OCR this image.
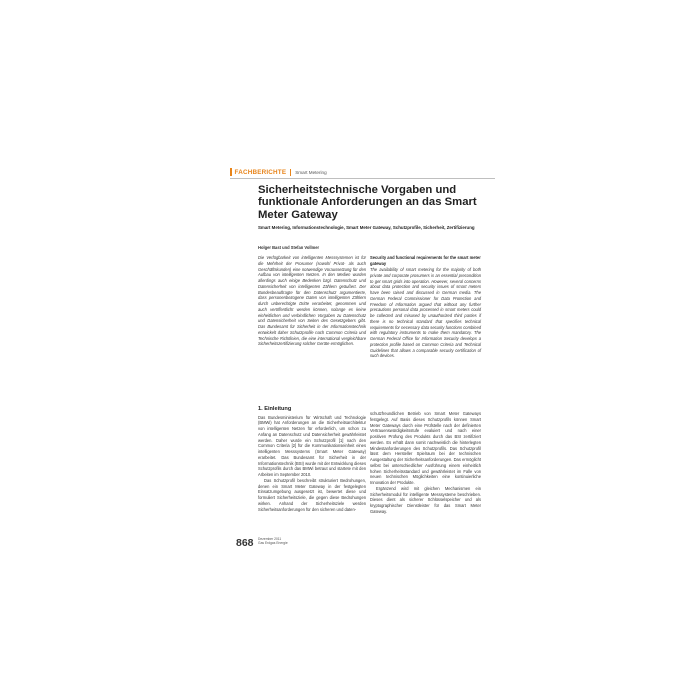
FACHBERICHTE Smart Metering
Sicherheitstechnische Vorgaben und funktionale Anforderungen an das Smart Meter Gateway

Smart Metering, Informationstechnologie, Smart Meter Gateway, Schutzprofile, Sicherheit, Zertifizierung

Holger Bast und Stefan Vollmer

Die Verfügbarkeit von intelligenten Messsystemen ist für die Mehrheit der Prosumer (sowohl Privat- als auch Geschäftskunden) eine notwendige Voraussetzung für den Aufbau von intelligenten Netzen. In den Medien wurden allerdings auch einige Bedenken bzgl. Datenschutz und Datensicherheit von intelligenten Zählern geäußert. Der Bundesbeauftragte für den Datenschutz argumentierte, dass personenbezogene Daten von intelligenten Zählern durch unberechtigte Dritte verarbeitet, genommen und auch veröffentlicht werden können, solange es keine einheitlichen und verbindlichen Vorgaben zu Datenschutz und Datensicherheit von Seiten des Gesetzgebers gibt. Das Bundesamt für Sicherheit in der Informationstechnik entwickelt daher Schutzprofile nach Common Criteria und Technische Richtlinien, die eine international vergleichbare Sicherheitszertifizierung solcher Geräte ermöglichen.

Security and functional requirements for the smart meter gateway

The availability of smart metering for the majority of both private and corporate prosumers is an essential precondition to get smart grids into operation. However, several concerns about data protection and security issues of smart meters have been raised and discussed in German media. The German Federal Commissioner for Data Protection and Freedom of Information argued that without any further precautions personal data processed in smart meters could be collected and misused by unauthorized third parties if there is no technical standard that specifies technical requirements for necessary data security functions combined with regulatory instruments to make them mandatory. The German Federal Office for Information Security develops a protection profile based on Common Criteria and Technical Guidelines that allows a comparable security certification of such devices.

1. Einleitung

Das Bundesministerium für Wirtschaft und Technologie (BMWi) hat Anforderungen an die Sicherheitsarchitektur von intelligenten Netzen für erforderlich, um schon zu Anfang an Datenschutz und Datensicherheit gewährleistet werden. Daher wurde ein Schutzprofil [1] nach den Common Criteria [2] für die Kommunikationseinheit eines intelligenten Messsystems (Smart Meter Gateway) erarbeitet. Das Bundesamt für Sicherheit in der Informationstechnik (BSI) wurde mit der Entwicklung dieses Schutzprofils durch das BMWi betraut und startete mit den Arbeiten im September 2010.

Das Schutzprofil beschreibt strukturiert Bedrohungen, denen ein Smart Meter Gateway in der festgelegten Einsatzumgebung ausgesetzt ist, bewertet diese und formuliert Sicherheitsziele, die gegen diese Bedrohungen wirken. Anhand der Sicherheitsziele werden Sicherheitsanforderungen für den sicheren und daten-

schutzfreundlichen Betrieb von Smart Meter Gateways festgelegt. Auf Basis dieses Schutzprofils können Smart Meter Gateways durch eine Prüfstelle nach der definierten Vertrauenswürdigkeitsstufe evaluiert und nach einer positiven Prüfung des Produkts durch das BSI zertifiziert werden. Es erhält dann somit nachweislich die hinterlegten Mindestanforderungen des Schutzprofils. Das Schutzprofil lässt dem Hersteller Spielraum bei der technischen Ausgestaltung der Sicherheitsanforderungen. Das ermöglicht selbst bei unterschiedlicher Ausführung einem einheitlich hohen Sicherheitsstandard und gewährleistet im Falle von neuen technischen Möglichkeiten eine kontinuierliche Innovation der Produkte.

Ergänzend wird mit gleichen Mechanismen ein Sicherheitsmodul für intelligente Messsysteme beschrieben. Dieses dient als sicherer Schlüsselspeicher und als kryptographischer Dienstleister für das Smart Meter Gateway.

868 Dezember 2011
Gas Erdgas Energie
